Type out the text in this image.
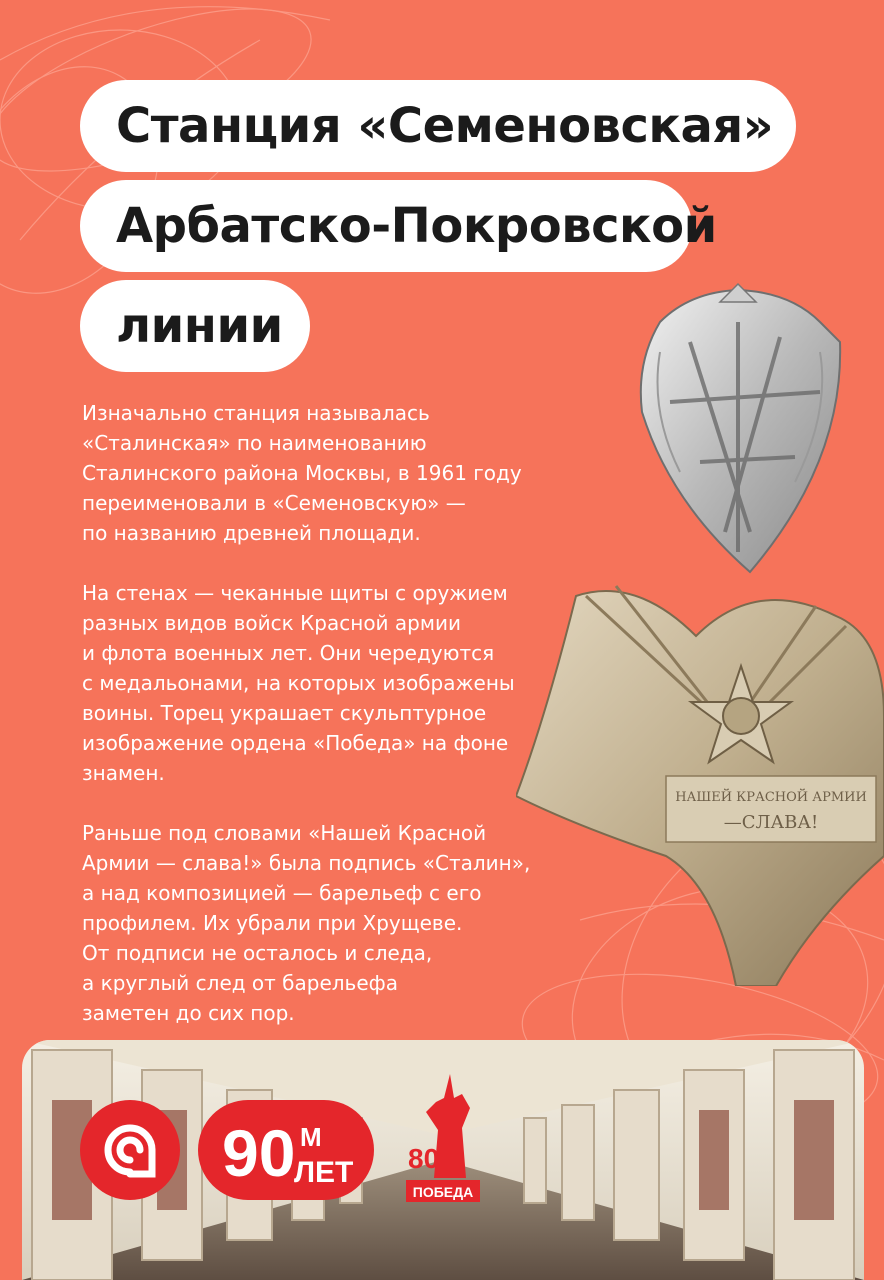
Станция «Семеновская»
Арбатско-Покровской
линии

Изначально станция называлась
«Сталинская» по наименованию
Сталинского района Москвы, в 1961 году
переименовали в «Семеновскую» —
по названию древней площади.

На стенах — чеканные щиты с оружием
разных видов войск Красной армии
и флота военных лет. Они чередуются
с медальонами, на которых изображены
воины. Торец украшает скульптурное
изображение ордена «Победа» на фоне
знамен.

Раньше под словами «Нашей Красной
Армии — слава!» была подпись «Сталин»,
а над композицией — барельеф с его
профилем. Их убрали при Хрущеве.
От подписи не осталось и следа,
а круглый след от барельефа
заметен до сих пор.

НАШЕЙ КРАСНОЙ АРМИИ
—СЛАВА!
90 М
ЛЕТ 80
ПОБЕДА
